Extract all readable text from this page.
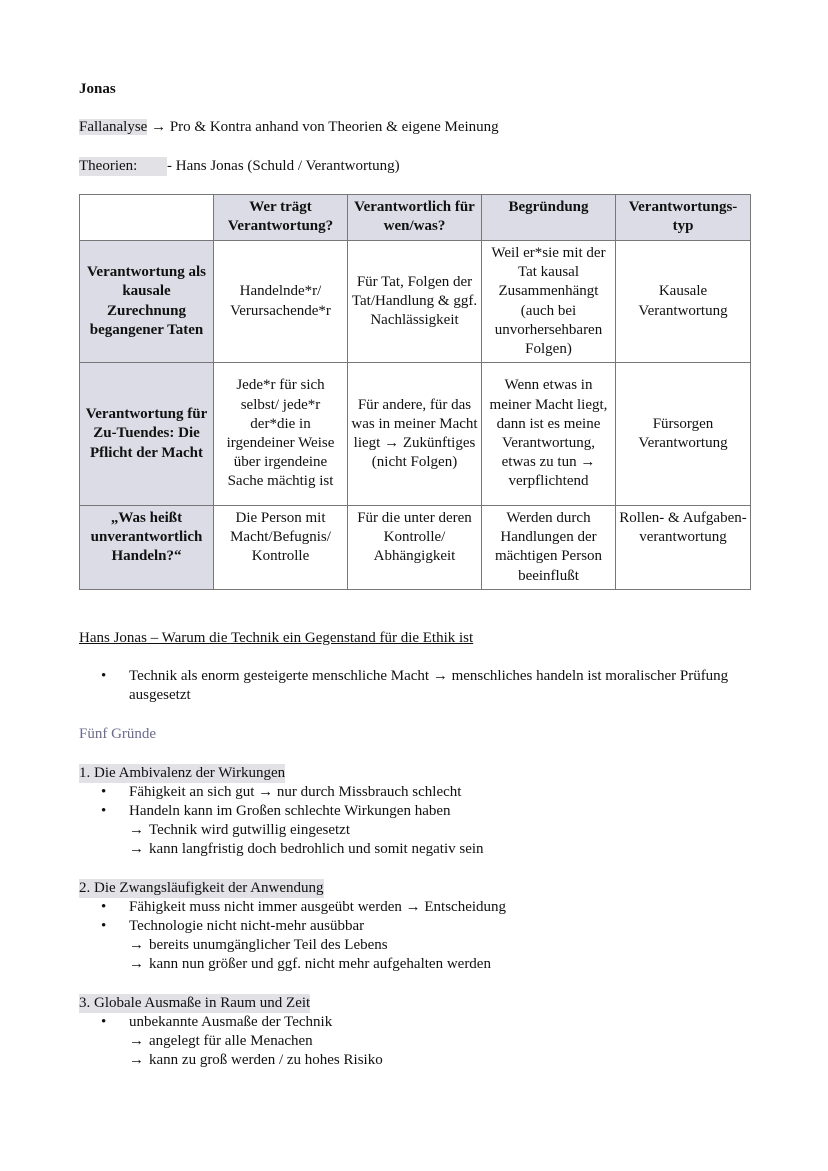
Jonas
Fallanalyse → Pro & Kontra anhand von Theorien & eigene Meinung
Theorien: - Hans Jonas (Schuld / Verantwortung)
	Wer trägt Verantwortung?	Verantwortlich für wen/was?	Begründung	Verantwortungs-typ
Verantwortung als kausale Zurechnung begangener Taten	Handelnde*r/ Verursachende*r	Für Tat, Folgen der Tat/Handlung & ggf. Nachlässigkeit	Weil er*sie mit der Tat kausal Zusammenhängt (auch bei unvorhersehbaren Folgen)	Kausale Verantwortung
Verantwortung für Zu-Tuendes: Die Pflicht der Macht	Jede*r für sich selbst/ jede*r der*die in irgendeiner Weise über irgendeine Sache mächtig ist	Für andere, für das was in meiner Macht liegt → Zukünftiges (nicht Folgen)	Wenn etwas in meiner Macht liegt, dann ist es meine Verantwortung, etwas zu tun → verpflichtend	Fürsorgen Verantwortung
„Was heißt unverantwortlich Handeln?“	Die Person mit Macht/Befugnis/ Kontrolle	Für die unter deren Kontrolle/ Abhängigkeit	Werden durch Handlungen der mächtigen Person beeinflußt	Rollen- & Aufgaben-verantwortung
Hans Jonas – Warum die Technik ein Gegenstand für die Ethik ist
• Technik als enorm gesteigerte menschliche Macht → menschliches handeln ist moralischer Prüfung ausgesetzt
Fünf Gründe
1. Die Ambivalenz der Wirkungen
• Fähigkeit an sich gut → nur durch Missbrauch schlecht
• Handeln kann im Großen schlechte Wirkungen haben
→ Technik wird gutwillig eingesetzt
→ kann langfristig doch bedrohlich und somit negativ sein
2. Die Zwangsläufigkeit der Anwendung
• Fähigkeit muss nicht immer ausgeübt werden → Entscheidung
• Technologie nicht nicht-mehr ausübbar
→ bereits unumgänglicher Teil des Lebens
→ kann nun größer und ggf. nicht mehr aufgehalten werden
3. Globale Ausmaße in Raum und Zeit
• unbekannte Ausmaße der Technik
→ angelegt für alle Menachen
→ kann zu groß werden / zu hohes Risiko
